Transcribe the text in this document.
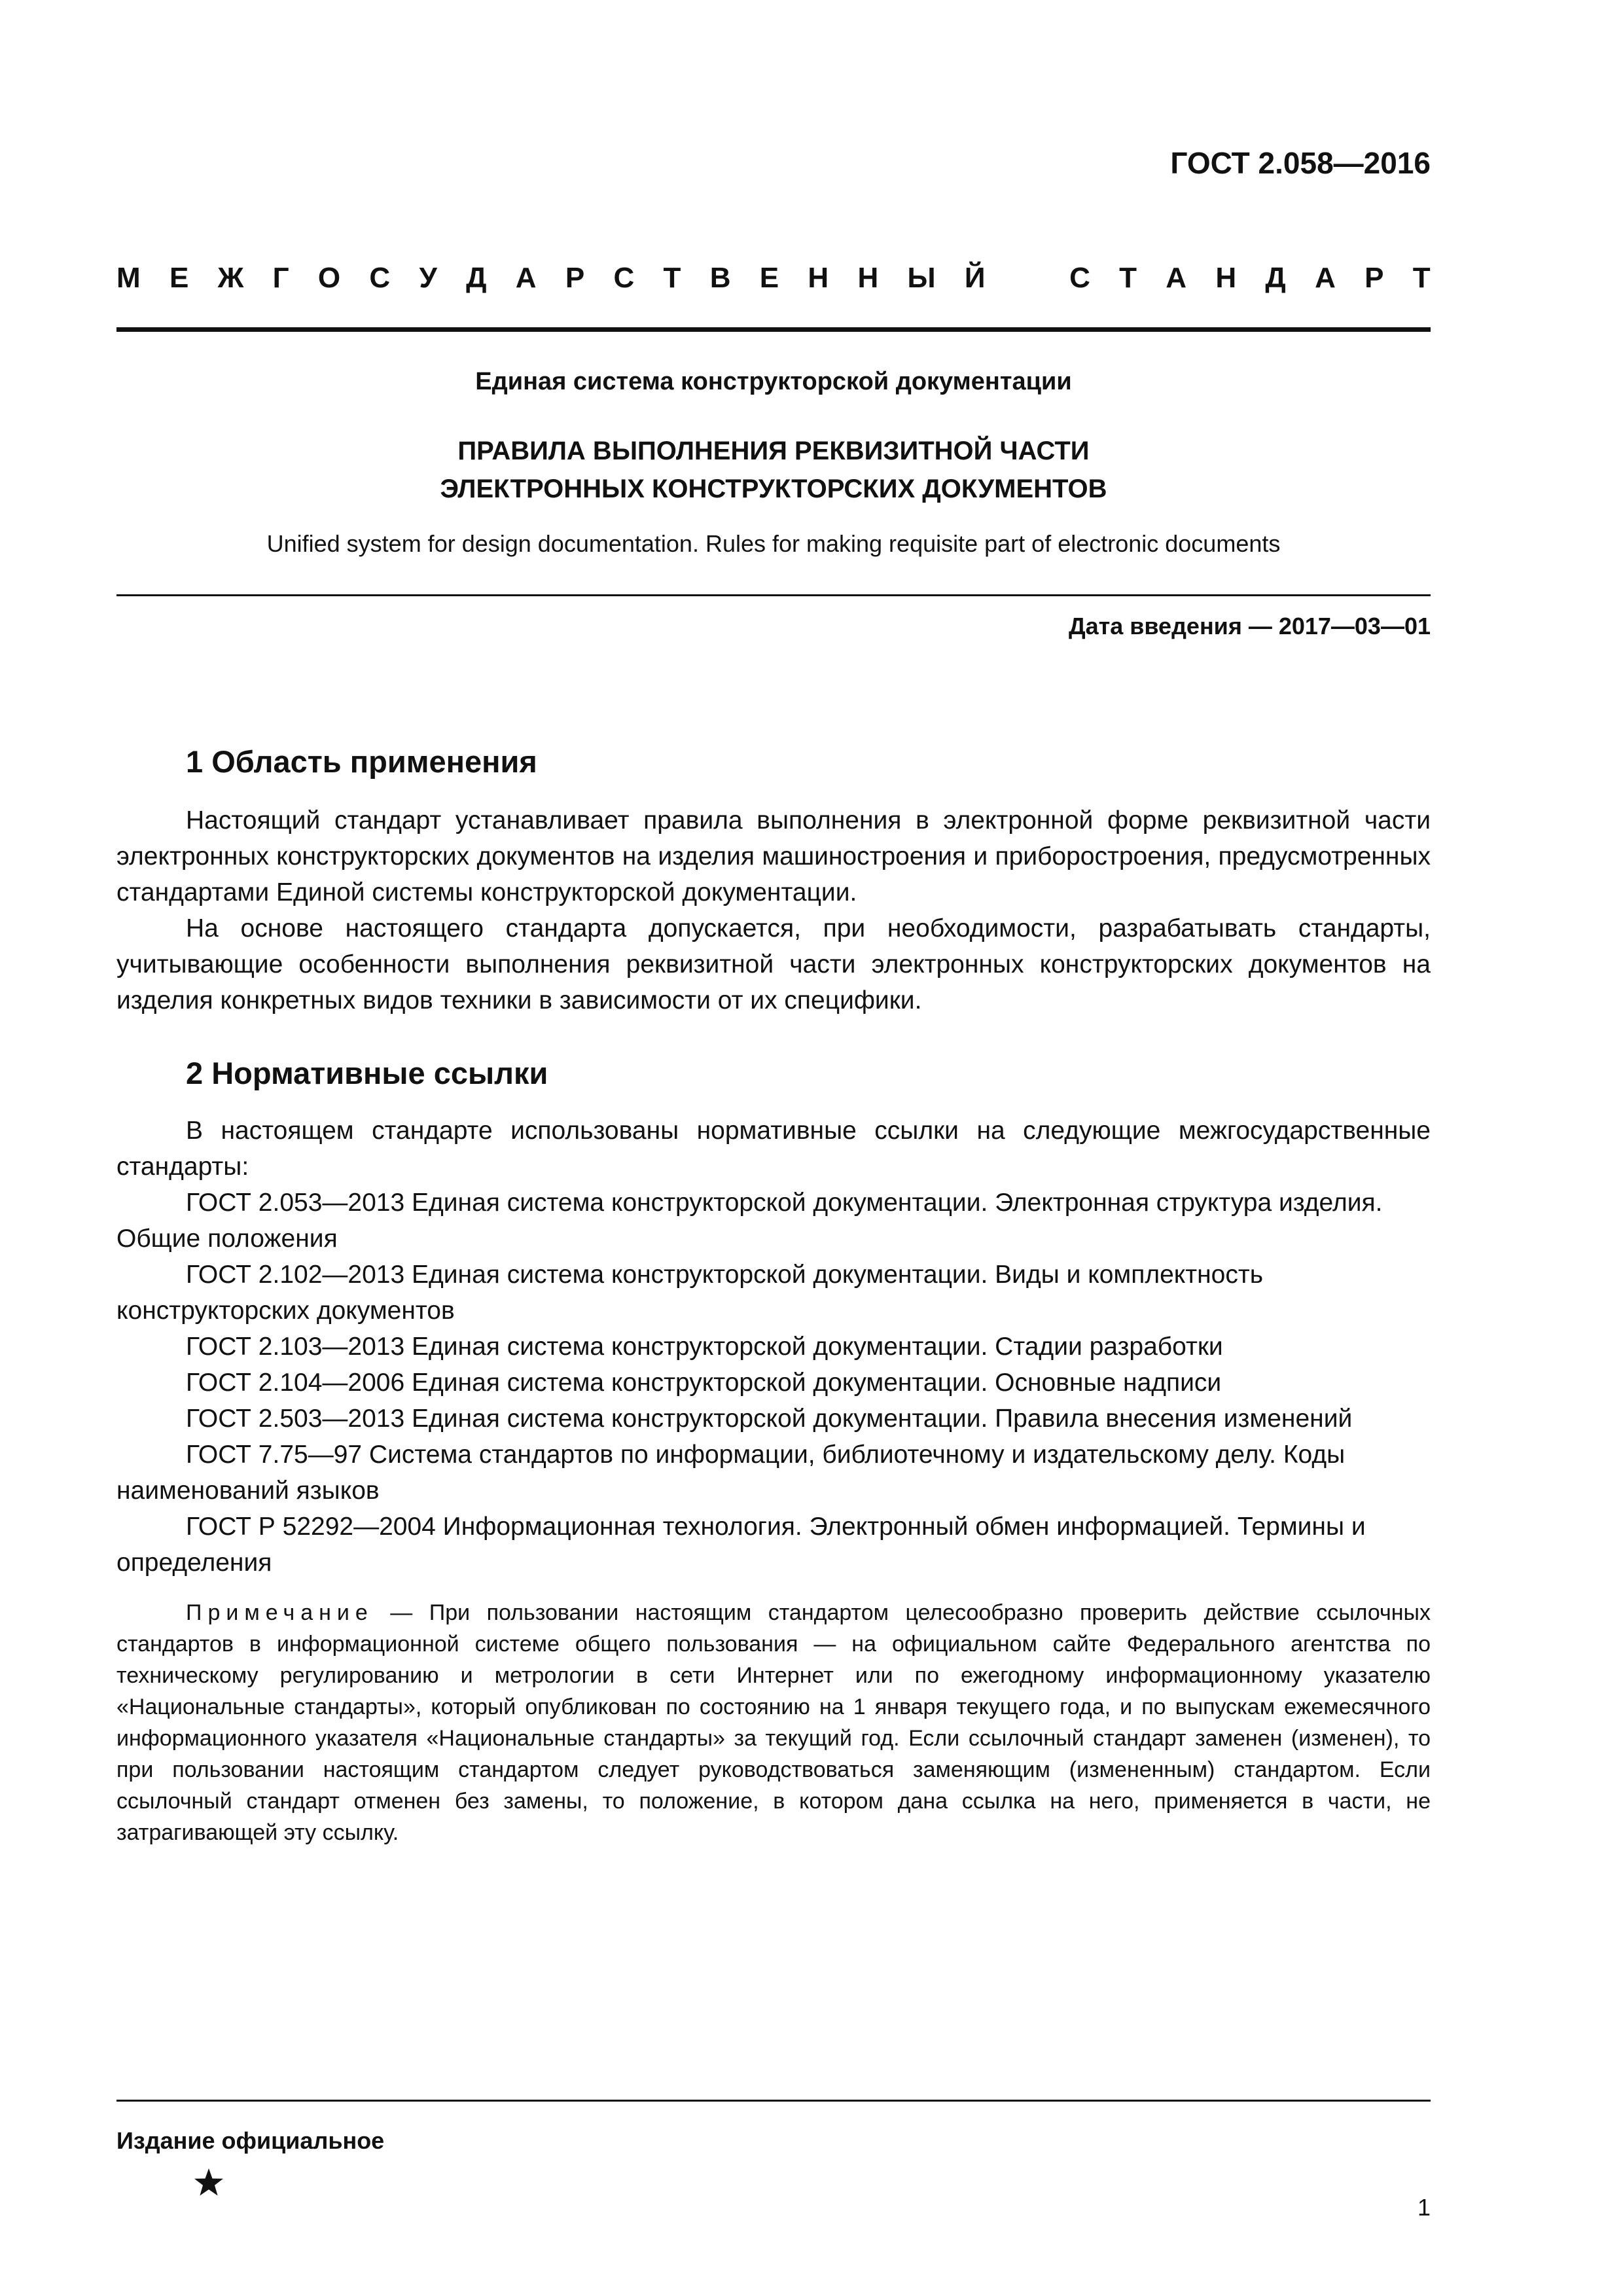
ГОСТ 2.058—2016
М Е Ж Г О С У Д А Р С Т В Е Н Н Ы Й	С Т А Н Д А Р Т
Единая система конструкторской документации
ПРАВИЛА ВЫПОЛНЕНИЯ РЕКВИЗИТНОЙ ЧАСТИ
ЭЛЕКТРОННЫХ КОНСТРУКТОРСКИХ ДОКУМЕНТОВ
Unified system for design documentation. Rules for making requisite part of electronic documents
Дата введения — 2017—03—01
1 Область применения

Настоящий стандарт устанавливает правила выполнения в электронной форме реквизитной части электронных конструкторских документов на изделия машиностроения и приборостроения, предусмотренных стандартами Единой системы конструкторской документации.

На основе настоящего стандарта допускается, при необходимости, разрабатывать стандарты, учитывающие особенности выполнения реквизитной части электронных конструкторских документов на изделия конкретных видов техники в зависимости от их специфики.

2 Нормативные ссылки

В настоящем стандарте использованы нормативные ссылки на следующие межгосударственные стандарты:

ГОСТ 2.053—2013 Единая система конструкторской документации. Электронная структура изделия. Общие положения

ГОСТ 2.102—2013 Единая система конструкторской документации. Виды и комплектность конструкторских документов

ГОСТ 2.103—2013 Единая система конструкторской документации. Стадии разработки

ГОСТ 2.104—2006 Единая система конструкторской документации. Основные надписи

ГОСТ 2.503—2013 Единая система конструкторской документации. Правила внесения изменений

ГОСТ 7.75—97 Система стандартов по информации, библиотечному и издательскому делу. Коды наименований языков

ГОСТ Р 52292—2004 Информационная технология. Электронный обмен информацией. Термины и определения

Примечание — При пользовании настоящим стандартом целесообразно проверить действие ссылочных стандартов в информационной системе общего пользования — на официальном сайте Федерального агентства по техническому регулированию и метрологии в сети Интернет или по ежегодному информационному указателю «Национальные стандарты», который опубликован по состоянию на 1 января текущего года, и по выпускам ежемесячного информационного указателя «Национальные стандарты» за текущий год. Если ссылочный стандарт заменен (изменен), то при пользовании настоящим стандартом следует руководствоваться заменяющим (измененным) стандартом. Если ссылочный стандарт отменен без замены, то положение, в котором дана ссылка на него, применяется в части, не затрагивающей эту ссылку.

Издание официальное
1
